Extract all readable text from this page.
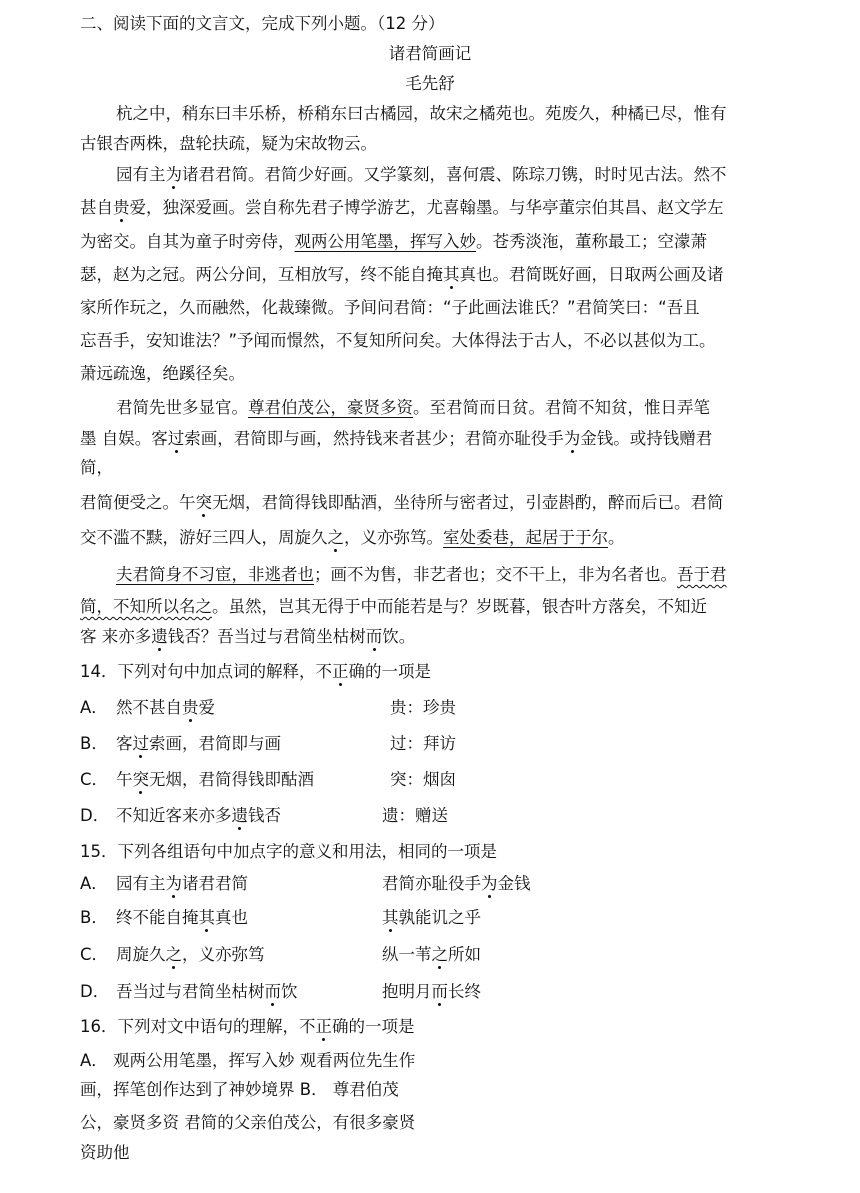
二、阅读下面的文言文，完成下列小题。（12 分）
诸君简画记
毛先舒
杭之中，稍东曰丰乐桥，桥稍东曰古橘园，故宋之橘苑也。苑废久，种橘已尽，惟有
古银杏两株，盘轮扶疏，疑为宋故物云。
园有主为诸君君简。君简少好画。又学篆刻，喜何震、陈琮刀镌，时时见古法。然不
甚自贵爱，独深爱画。尝自称先君子博学游艺，尤喜翰墨。与华亭董宗伯其昌、赵文学左
为密交。自其为童子时旁侍，观两公用笔墨，挥写入妙。苍秀淡沲，董称最工；空濛萧
瑟，赵为之冠。两公分间，互相放写，终不能自掩其真也。君简既好画，日取两公画及诸
家所作玩之，久而融然，化裁臻微。予间问君简：“子此画法谁氏？”君简笑曰：“吾且
忘吾手，安知谁法？”予闻而憬然，不复知所问矣。大体得法于古人，不必以甚似为工。
萧远疏逸，绝蹊径矣。
君简先世多显官。尊君伯茂公，豪贤多资。至君简而日贫。君简不知贫，惟日弄笔
墨 自娱。客过索画，君简即与画，然持钱来者甚少；君简亦耻役手为金钱。或持钱赠君
简，
君简便受之。午突无烟，君简得钱即酤酒，坐待所与密者过，引壶斟酌，醉而后已。君简
交不滥不黩，游好三四人，周旋久之，义亦弥笃。室处委巷，起居于于尔。
夫君简身不习宦，非逃者也；画不为售，非艺者也；交不干上，非为名者也。吾于君
简，不知所以名之。虽然，岂其无得于中而能若是与？岁既暮，银杏叶方落矣，不知近
客 来亦多遗钱否？吾当过与君简坐枯树而饮。
14．下列对句中加点词的解释，不正确的一项是
A． 然不甚自贵爱	贵：珍贵
B． 客过索画，君简即与画	过：拜访
C． 午突无烟，君简得钱即酤酒	突：烟囱
D． 不知近客来亦多遗钱否	遗：赠送
15．下列各组语句中加点字的意义和用法，相同的一项是
A． 园有主为诸君君简	君简亦耻役手为金钱
B． 终不能自掩其真也	其孰能讥之乎
C． 周旋久之，义亦弥笃	纵一苇之所如
D． 吾当过与君简坐枯树而饮	抱明月而长终
16．下列对文中语句的理解，不正确的一项是
A． 观两公用笔墨，挥写入妙 观看两位先生作
画，挥笔创作达到了神妙境界 B． 尊君伯茂
公，豪贤多资 君简的父亲伯茂公，有很多豪贤
资助他
